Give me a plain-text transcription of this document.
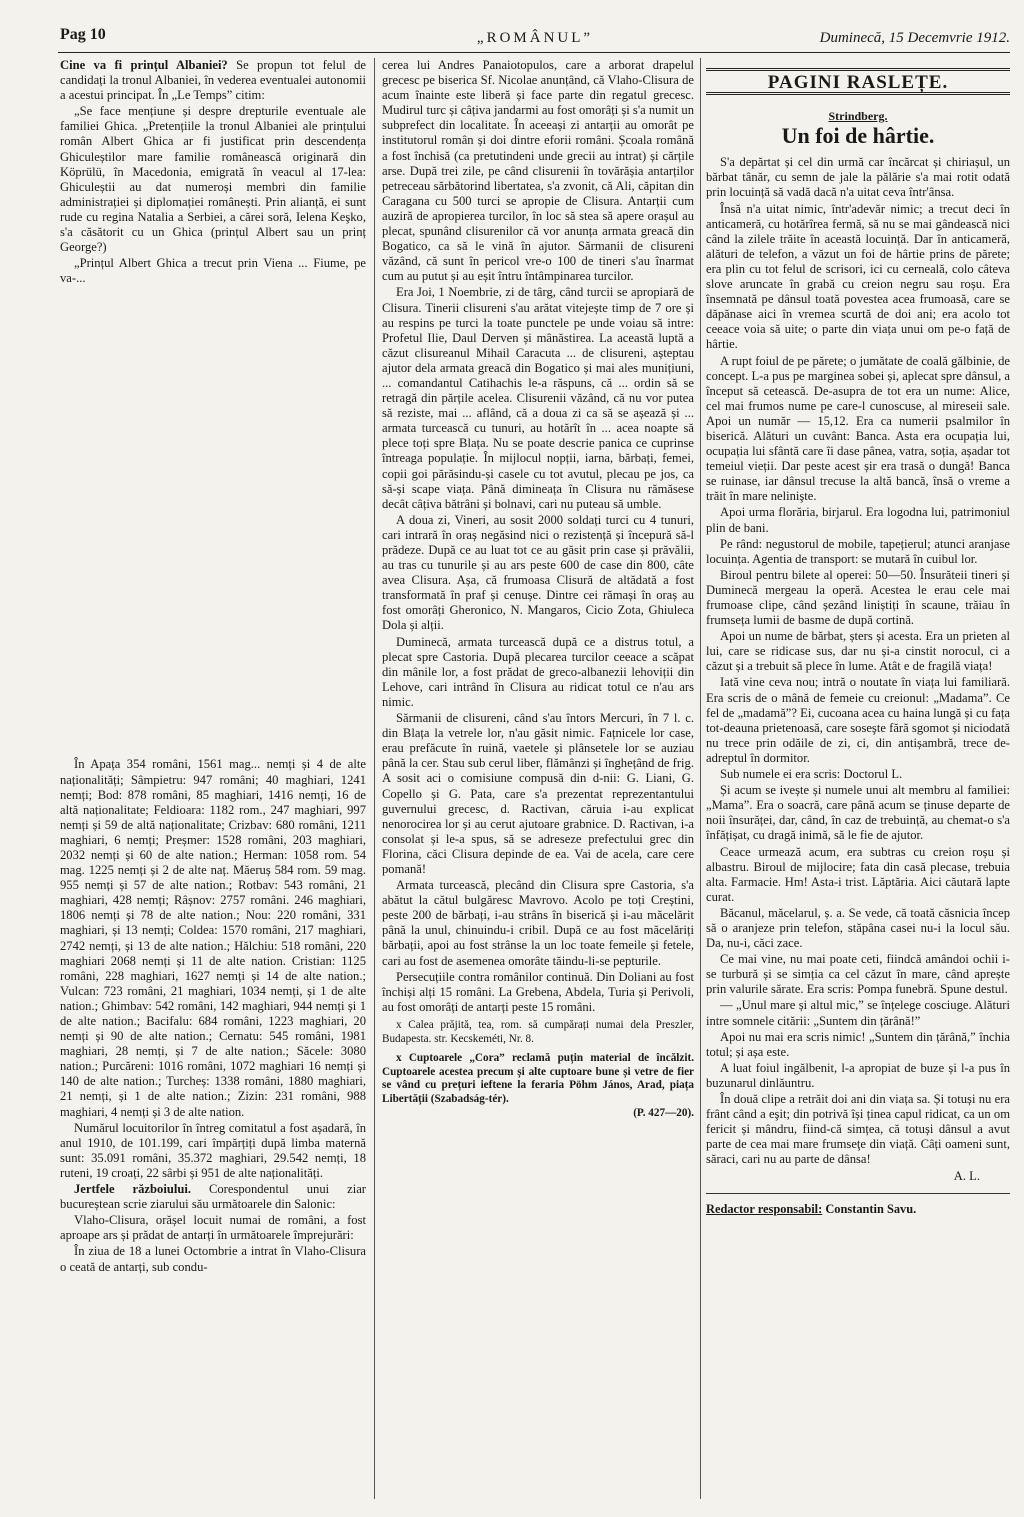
Pag 10	„ROMÂNUL”	Duminecă, 15 Decemvrie 1912.

Cine va fi prințul Albaniei? Se propun tot felul de candidați la tronul Albaniei, în vederea eventualei autonomii a acestui principat. În „Le Temps” citim:

„Se face mențiune și despre drepturile eventuale ale familiei Ghica. „Pretențiile la tronul Albaniei ale prințului român Albert Ghica ar fi justificat prin descendența Ghiculeștilor mare familie românească originară din Köprülü, în Macedonia, emigrată în veacul al 17-lea: Ghiculeștii au dat numeroși membri din familie administrației și diplomației românești. Prin alianță, ei sunt rude cu regina Natalia a Serbiei, a cărei soră, Ielena Keşko, s'a căsătorit cu un Ghica (prințul Albert sau un prinț George?)

„Prințul Albert Ghica a trecut prin Viena ... Fiume, pe va-...

În Apața 354 români, 1561 mag... nemți și 4 de alte naționalități; Sâmpietru: 947 români; 40 maghiari, 1241 nemți; Bod: 878 români, 85 maghiari, 1416 nemți, 16 de altă naționalitate; Feldioara: 1182 rom., 247 maghiari, 997 nemți și 59 de altă naționalitate; Crizbav: 680 români, 1211 maghiari, 6 nemți; Preșmer: 1528 români, 203 maghiari, 2032 nemți și 60 de alte nation.; Herman: 1058 rom. 54 mag. 1225 nemți și 2 de alte naț. Măeruș 584 rom. 59 mag. 955 nemți și 57 de alte nation.; Rotbav: 543 români, 21 maghiari, 428 nemți; Râșnov: 2757 români. 246 maghiari, 1806 nemți și 78 de alte nation.; Nou: 220 români, 331 maghiari, și 13 nemți; Coldea: 1570 români, 217 maghiari, 2742 nemți, și 13 de alte nation.; Hălchiu: 518 români, 220 maghiari 2068 nemți și 11 de alte nation. Cristian: 1125 români, 228 maghiari, 1627 nemți și 14 de alte nation.; Vulcan: 723 români, 21 maghiari, 1034 nemți, și 1 de alte nation.; Ghimbav: 542 români, 142 maghiari, 944 nemți și 1 de alte nation.; Bacifalu: 684 români, 1223 maghiari, 20 nemți și 90 de alte nation.; Cernatu: 545 români, 1981 maghiari, 28 nemți, și 7 de alte nation.; Săcele: 3080 nation.; Purcăreni: 1016 români, 1072 maghiari 16 nemți și 140 de alte nation.; Turcheș: 1338 români, 1880 maghiari, 21 nemți, și 1 de alte nation.; Zizin: 231 români, 988 maghiari, 4 nemți și 3 de alte nation.

Numărul locuitorilor în întreg comitatul a fost așadară, în anul 1910, de 101.199, cari împărțiți după limba maternă sunt: 35.091 români, 35.372 maghiari, 29.542 nemți, 18 ruteni, 19 croați, 22 sârbi și 951 de alte naționalități.

Jertfele războiului. Corespondentul unui ziar bucureștean scrie ziarului său următoarele din Salonic:

Vlaho-Clisura, orășel locuit numai de români, a fost aproape ars și prădat de antarți în următoarele împrejurări:

În ziua de 18 a lunei Octombrie a intrat în Vlaho-Clisura o ceată de antarți, sub condu-

cerea lui Andres Panaiotopulos, care a arborat drapelul grecesc pe biserica Sf. Nicolae anunțând, că Vlaho-Clisura de acum înainte este liberă și face parte din regatul grecesc. Mudirul turc și câțiva jandarmi au fost omorâți și s'a numit un subprefect din localitate. În aceeași zi antarții au omorât pe institutorul român și doi dintre eforii români. Școala română a fost închisă (ca pretutindeni unde grecii au intrat) și cărțile arse. După trei zile, pe când clisurenii în tovărășia antarților petreceau sărbătorind libertatea, s'a zvonit, că Ali, căpitan din Caragana cu 500 turci se apropie de Clisura. Antarții cum auziră de apropierea turcilor, în loc să stea să apere orașul au plecat, spunând clisurenilor că vor anunța armata greacă din Bogatico, ca să le vină în ajutor. Sărmanii de clisureni văzând, că sunt în pericol vre-o 100 de tineri s'au înarmat cum au putut și au eșit întru întâmpinarea turcilor.

Era Joi, 1 Noembrie, zi de târg, când turcii se apropiară de Clisura. Tinerii clisureni s'au arătat vitejește timp de 7 ore și au respins pe turci la toate punctele pe unde voiau să intre: Profetul Ilie, Daul Derven și mânăstirea. La această luptă a căzut clisureanul Mihail Caracuta ... de clisureni, așteptau ajutor dela armata greacă din Bogatico și mai ales munițiuni, ... comandantul Catihachis le-a răspuns, că ... ordin să se retragă din părțile acelea. Clisurenii văzând, că nu vor putea să reziste, mai ... aflând, că a doua zi ca să se așează și ... armata turcească cu tunuri, au hotărît în ... acea noapte să plece toți spre Blața. Nu se poate descrie panica ce cuprinse întreaga populație. În mijlocul nopții, iarna, bărbați, femei, copii goi părăsindu-și casele cu tot avutul, plecau pe jos, ca să-și scape viața. Până dimineața în Clisura nu rămăsese decât câțiva bătrâni și bolnavi, cari nu puteau să umble.

A doua zi, Vineri, au sosit 2000 soldați turci cu 4 tunuri, cari intrară în oraș negăsind nici o rezistență și începură să-l prădeze. După ce au luat tot ce au găsit prin case și prăvălii, au tras cu tunurile și au ars peste 600 de case din 800, câte avea Clisura. Așa, că frumoasa Clisură de altădată a fost transformată în praf și cenușe. Dintre cei rămași în oraș au fost omorâți Gheronico, N. Mangaros, Cicio Zota, Ghiuleca Dola și alții.

Duminecă, armata turcească după ce a distrus totul, a plecat spre Castoria. După plecarea turcilor ceeace a scăpat din mânile lor, a fost prădat de greco-albanezii lehoviții din Lehove, cari intrând în Clisura au ridicat totul ce n'au ars nimic.

Sărmanii de clisureni, când s'au întors Mercuri, în 7 l. c. din Blața la vetrele lor, n'au găsit nimic. Fațnicele lor case, erau prefăcute în ruină, vaetele și plânsetele lor se auziau până la cer. Stau sub cerul liber, flămânzi și înghețând de frig. A sosit aci o comisiune compusă din d-nii: G. Liani, G. Copello și G. Pata, care s'a prezentat reprezentantului guvernului grecesc, d. Ractivan, căruia i-au explicat nenorocirea lor și au cerut ajutoare grabnice. D. Ractivan, i-a consolat și le-a spus, să se adreseze prefectului grec din Florina, căci Clisura depinde de ea. Vai de acela, care cere pomană!

Armata turcească, plecând din Clisura spre Castoria, s'a abătut la cătul bulgăresc Mavrovo. Acolo pe toți Creștini, peste 200 de bărbați, i-au strâns în biserică și i-au măcelărit până la unul, chinuindu-i cribil. După ce au fost măcelăriți bărbații, apoi au fost strânse la un loc toate femeile și fetele, cari au fost de asemenea omorâte tăindu-li-se pepturile.

Persecuțiile contra românilor continuă. Din Doliani au fost închiși alți 15 români. La Grebena, Abdela, Turia și Perivoli, au fost omorâți de antarți peste 15 români.

x Calea prăjită, tea, rom. să cumpărați numai dela Preszler, Budapesta. str. Kecskeméti, Nr. 8.

x Cuptoarele „Cora” reclamă puțin material de încălzit. Cuptoarele acestea precum și alte cuptoare bune și vetre de fier se vând cu prețuri ieftene la feraria Pöhm János, Arad, piața Libertății (Szabadság-tér).

(P. 427—20).

PAGINI RASLEȚE.
Strindberg.
Un foi de hârtie.

S'a depărtat și cel din urmă car încărcat și chiriașul, un bărbat tânăr, cu semn de jale la pălărie s'a mai rotit odată prin locuință să vadă dacă n'a uitat ceva într'ânsa.

Însă n'a uitat nimic, într'adevăr nimic; a trecut deci în anticameră, cu hotărîrea fermă, să nu se mai gândească nici când la zilele trăite în această locuință. Dar în anticameră, alături de telefon, a văzut un foi de hârtie prins de părete; era plin cu tot felul de scrisori, ici cu cerneală, colo câteva slove aruncate în grabă cu creion negru sau roșu. Era însemnată pe dânsul toată povestea acea frumoasă, care se dăpănase aici în vremea scurtă de doi ani; era acolo tot ceeace voia să uite; o parte din viața unui om pe-o față de hârtie.

A rupt foiul de pe părete; o jumătate de coală gălbinie, de concept. L-a pus pe marginea sobei și, aplecat spre dânsul, a început să cetească. De-asupra de tot era un nume: Alice, cel mai frumos nume pe care-l cunoscuse, al mireseii sale. Apoi un număr — 15,12. Era ca numerii psalmilor în biserică. Alături un cuvânt: Banca. Asta era ocupația lui, ocupația lui sfântă care îi dase pânea, vatra, soția, așadar tot temeiul vieții. Dar peste acest șir era trasă o dungă! Banca se ruinase, iar dânsul trecuse la altă bancă, însă o vreme a trăit în mare nelinişte.

Apoi urma florăria, birjarul. Era logodna lui, patrimoniul plin de bani.

Pe rând: negustorul de mobile, tapețierul; atunci aranjase locuința. Agentia de transport: se mutară în cuibul lor.

Biroul pentru bilete al operei: 50—50. Însurăteii tineri și Duminecă mergeau la operă. Acestea le erau cele mai frumoase clipe, când șezând liniștiți în scaune, trăiau în frumseța lumii de basme de după cortină.

Apoi un nume de bărbat, șters și acesta. Era un prieten al lui, care se ridicase sus, dar nu și-a cinstit norocul, ci a căzut și a trebuit să plece în lume. Atât e de fragilă viața!

Iată vine ceva nou; intră o noutate în viața lui familiară. Era scris de o mână de femeie cu creionul: „Madama”. Ce fel de „madamă”? Ei, cucoana acea cu haina lungă și cu fața tot-deauna prietenoasă, care soseşte fără sgomot și niciodată nu trece prin odăile de zi, ci, din antișambră, trece de-adreptul în dormitor.

Sub numele ei era scris: Doctorul L.

Și acum se ivește și numele unui alt membru al familiei: „Mama”. Era o soacră, care până acum se ținuse departe de noii însurăței, dar, când, în caz de trebuință, au chemat-o s'a înfățișat, cu dragă inimă, să le fie de ajutor.

Ceace urmează acum, era subtras cu creion roșu și albastru. Biroul de mijlocire; fata din casă plecase, trebuia alta. Farmacie. Hm! Asta-i trist. Lăptăria. Aici căutară lapte curat.

Băcanul, măcelarul, ș. a. Se vede, că toată căsnicia încep să o aranjeze prin telefon, stăpâna casei nu-i la locul său. Da, nu-i, căci zace.

Ce mai vine, nu mai poate ceti, fiindcă amândoi ochii i-se turbură și se simția ca cel căzut în mare, când aprește prin valurile sărate. Era scris: Pompa funebră. Spune destul.

— „Unul mare și altul mic,” se înțelege cosciuge. Alături intre somnele citării: „Suntem din țărână!”

Apoi nu mai era scris nimic! „Suntem din țărână,” închia totul; și așa este.

A luat foiul ingălbenit, l-a apropiat de buze și l-a pus în buzunarul dinlăuntru.

În două clipe a retrăit doi ani din viața sa. Și totuși nu era frânt când a eşit; din potrivă își ținea capul ridicat, ca un om fericit și mândru, fiind-că simțea, că totuși dânsul a avut parte de cea mai mare frumseţe din viață. Câți oameni sunt, săraci, cari nu au parte de dânsa!

A. L.
Redactor responsabil: Constantin Savu.
